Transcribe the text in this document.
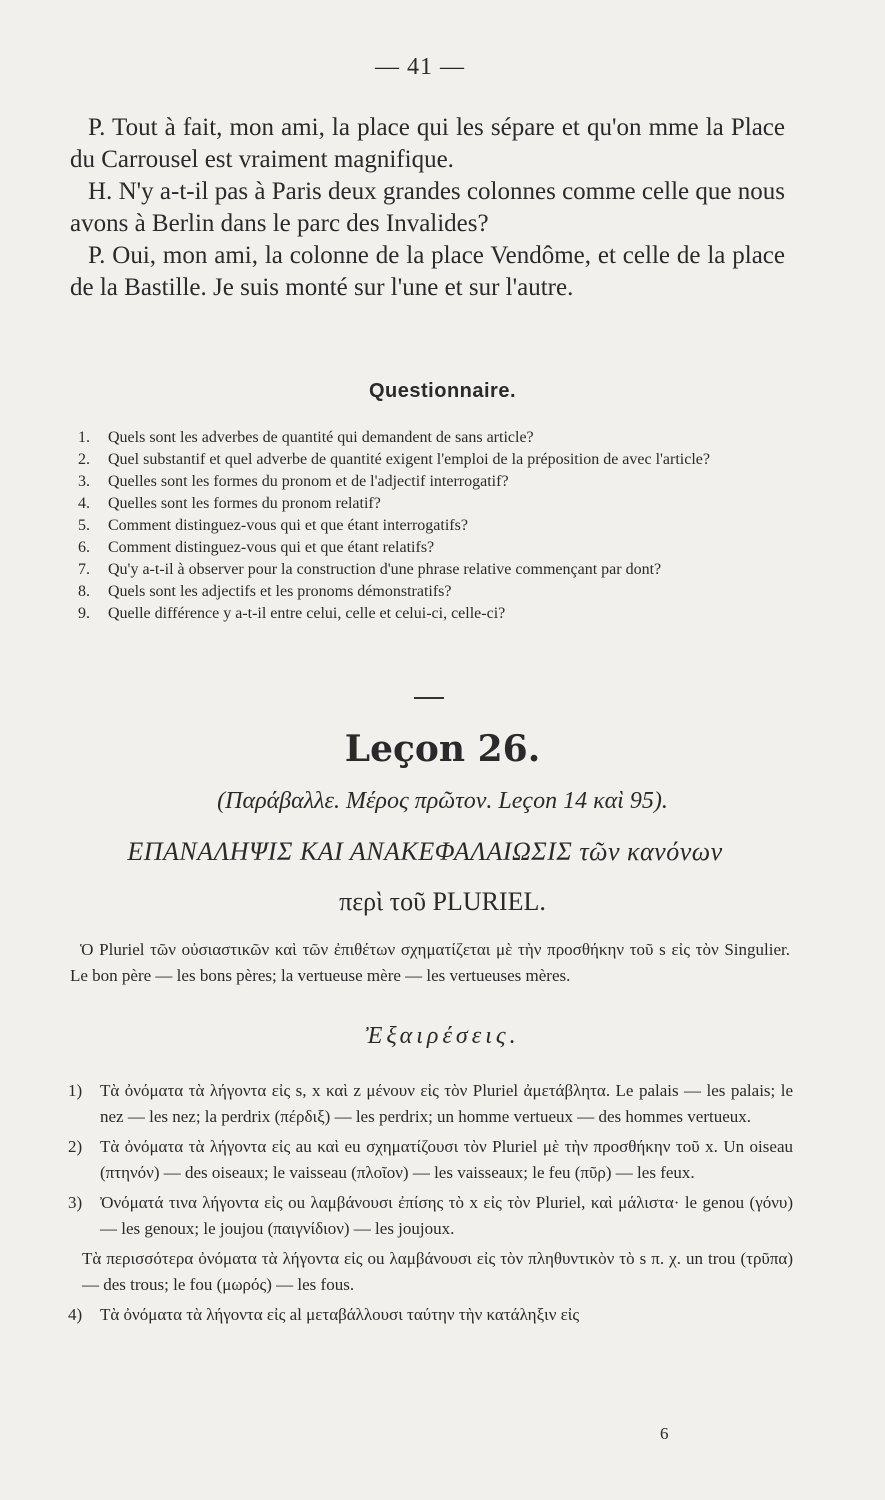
— 41 —

P. Tout à fait, mon ami, la place qui les sépare et qu'on mme la Place du Carrousel est vraiment magnifique.

H. N'y a-t-il pas à Paris deux grandes colonnes comme celle que nous avons à Berlin dans le parc des Invalides?

P. Oui, mon ami, la colonne de la place Vendôme, et celle de la place de la Bastille. Je suis monté sur l'une et sur l'autre.

Questionnaire.
1.	Quels sont les adverbes de quantité qui demandent de sans article?
2.	Quel substantif et quel adverbe de quantité exigent l'emploi de la préposition de avec l'article?
3.	Quelles sont les formes du pronom et de l'adjectif interrogatif?
4.	Quelles sont les formes du pronom relatif?
5.	Comment distinguez-vous qui et que étant interrogatifs?
6.	Comment distinguez-vous qui et que étant relatifs?
7.	Qu'y a-t-il à observer pour la construction d'une phrase relative commençant par dont?
8.	Quels sont les adjectifs et les pronoms démonstratifs?
9.	Quelle différence y a-t-il entre celui, celle et celui-ci, celle-ci?
Leçon 26.
(Παράβαλλε. Μέρος πρῶτον. Leçon 14 καὶ 95).
ΕΠΑΝΑΛΗΨΙΣ ΚΑΙ ΑΝΑΚΕΦΑΛΑΙΩΣΙΣ τῶν κανόνων
περὶ τοῦ PLURIEL.
Ὁ Pluriel τῶν οὐσιαστικῶν καὶ τῶν ἐπιθέτων σχηματίζεται μὲ τὴν προσθήκην τοῦ s εἰς τὸν Singulier. Le bon père — les bons pères; la vertueuse mère — les vertueuses mères.
Ἐξαιρέσεις.
1)	Τὰ ὀνόματα τὰ λήγοντα εἰς s, x καὶ z μένουν εἰς τὸν Pluriel ἀμετάβλητα. Le palais — les palais; le nez — les nez; la perdrix (πέρδιξ) — les perdrix; un homme vertueux — des hommes vertueux.
2)	Τὰ ὀνόματα τὰ λήγοντα εἰς au καὶ eu σχηματίζουσι τὸν Pluriel μὲ τὴν προσθήκην τοῦ x. Un oiseau (πτηνόν) — des oiseaux; le vaisseau (πλοῖον) — les vaisseaux; le feu (πῦρ) — les feux.
3)	Ὀνόματά τινα λήγοντα εἰς ou λαμβάνουσι ἐπίσης τὸ x εἰς τὸν Pluriel, καὶ μάλιστα· le genou (γόνυ) — les genoux; le joujou (παιγνίδιον) — les joujoux.
Τὰ περισσότερα ὀνόματα τὰ λήγοντα εἰς ou λαμβάνουσι εἰς τὸν πληθυντικὸν τὸ s π. χ. un trou (τρῦπα) — des trous; le fou (μωρός) — les fous.
4)	Τὰ ὀνόματα τὰ λήγοντα εἰς al μεταβάλλουσι ταύτην τὴν κατάληξιν εἰς
6
